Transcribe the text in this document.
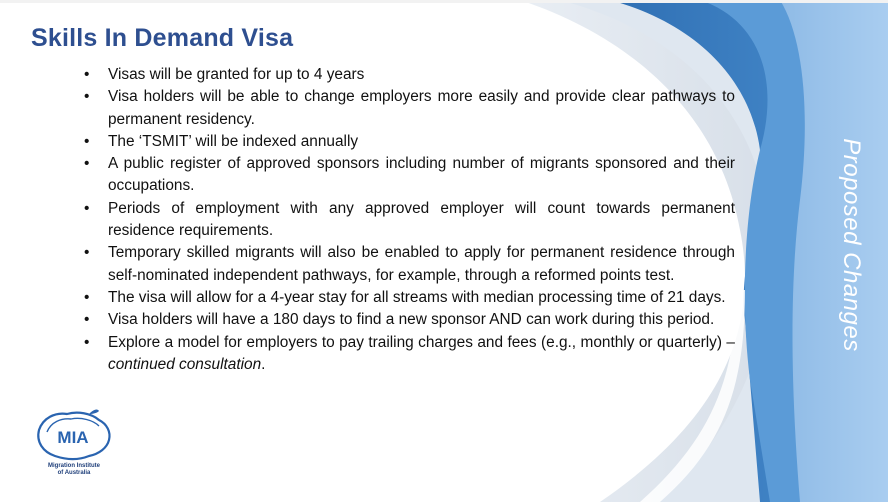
Skills In Demand Visa
• Visas will be granted for up to 4 years
• Visa holders will be able to change employers more easily and provide clear pathways to permanent residency.
• The ‘TSMIT’ will be indexed annually
• A public register of approved sponsors including number of migrants sponsored and their occupations.
• Periods of employment with any approved employer will count towards permanent residence requirements.
• Temporary skilled migrants will also be enabled to apply for permanent residence through self-nominated independent pathways, for example, through a reformed points test.
• The visa will allow for a 4-year stay for all streams with median processing time of 21 days.
• Visa holders will have a 180 days to find a new sponsor AND can work during this period.
• Explore a model for employers to pay trailing charges and fees (e.g., monthly or quarterly) – continued consultation.
Proposed Changes
MIA
Migration Institute
of Australia
